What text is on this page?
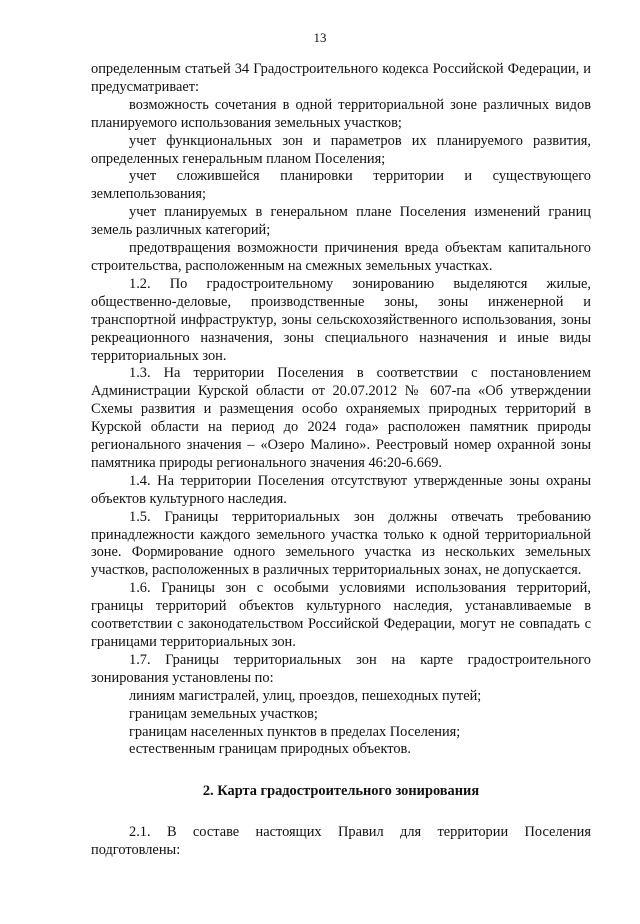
13

определенным статьей 34 Градостроительного кодекса Российской Федерации, и предусматривает:

возможность сочетания в одной территориальной зоне различных видов планируемого использования земельных участков;

учет функциональных зон и параметров их планируемого развития, определенных генеральным планом Поселения;

учет сложившейся планировки территории и существующего землепользования;

учет планируемых в генеральном плане Поселения изменений границ земель различных категорий;

предотвращения возможности причинения вреда объектам капитального строительства, расположенным на смежных земельных участках.

1.2. По градостроительному зонированию выделяются жилые, общественно-деловые, производственные зоны, зоны инженерной и транспортной инфраструктур, зоны сельскохозяйственного использования, зоны рекреационного назначения, зоны специального назначения и иные виды территориальных зон.

1.3. На территории Поселения в соответствии с постановлением Администрации Курской области от 20.07.2012 № 607-па «Об утверждении Схемы развития и размещения особо охраняемых природных территорий в Курской области на период до 2024 года» расположен памятник природы регионального значения – «Озеро Малино». Реестровый номер охранной зоны памятника природы регионального значения 46:20-6.669.

1.4. На территории Поселения отсутствуют утвержденные зоны охраны объектов культурного наследия.

1.5. Границы территориальных зон должны отвечать требованию принадлежности каждого земельного участка только к одной территориальной зоне. Формирование одного земельного участка из нескольких земельных участков, расположенных в различных территориальных зонах, не допускается.

1.6. Границы зон с особыми условиями использования территорий, границы территорий объектов культурного наследия, устанавливаемые в соответствии с законодательством Российской Федерации, могут не совпадать с границами территориальных зон.

1.7. Границы территориальных зон на карте градостроительного зонирования установлены по:

линиям магистралей, улиц, проездов, пешеходных путей;

границам земельных участков;

границам населенных пунктов в пределах Поселения;

естественным границам природных объектов.

2. Карта градостроительного зонирования

2.1. В составе настоящих Правил для территории Поселения подготовлены:
